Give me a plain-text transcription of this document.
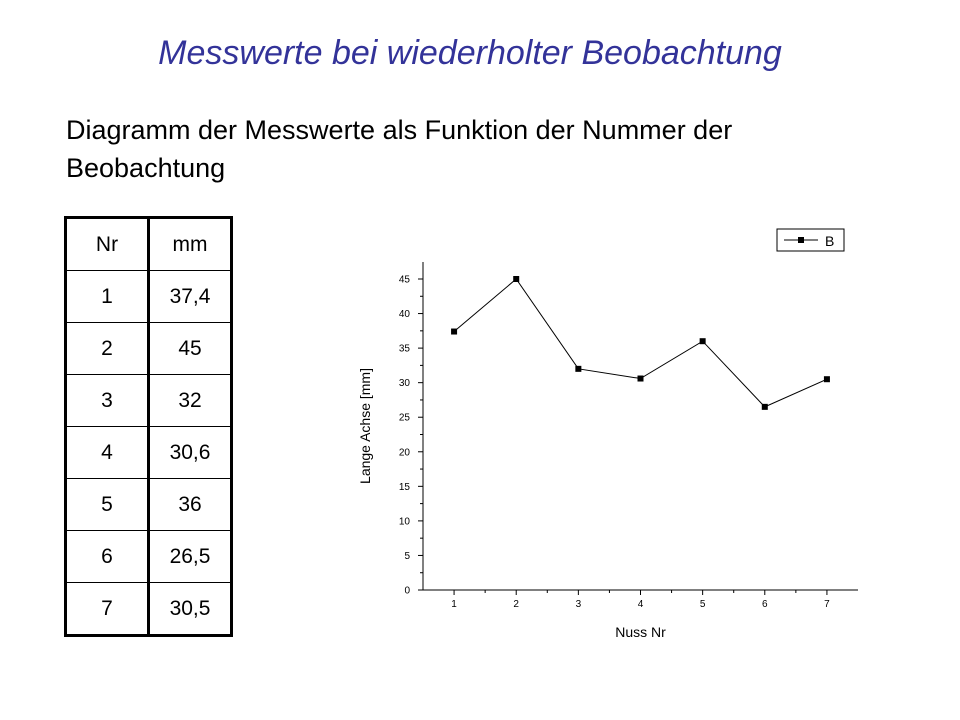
Messwerte bei wiederholter Beobachtung
Diagramm der Messwerte als Funktion der Nummer der Beobachtung
Nr	mm
1	37,4
2	45
3	32
4	30,6
5	36
6	26,5
7	30,5
0
5
10
15
20
25
30
35
40
45
1	2	3	4	5	6	7
Nuss Nr
Lange Achse [mm]
B
